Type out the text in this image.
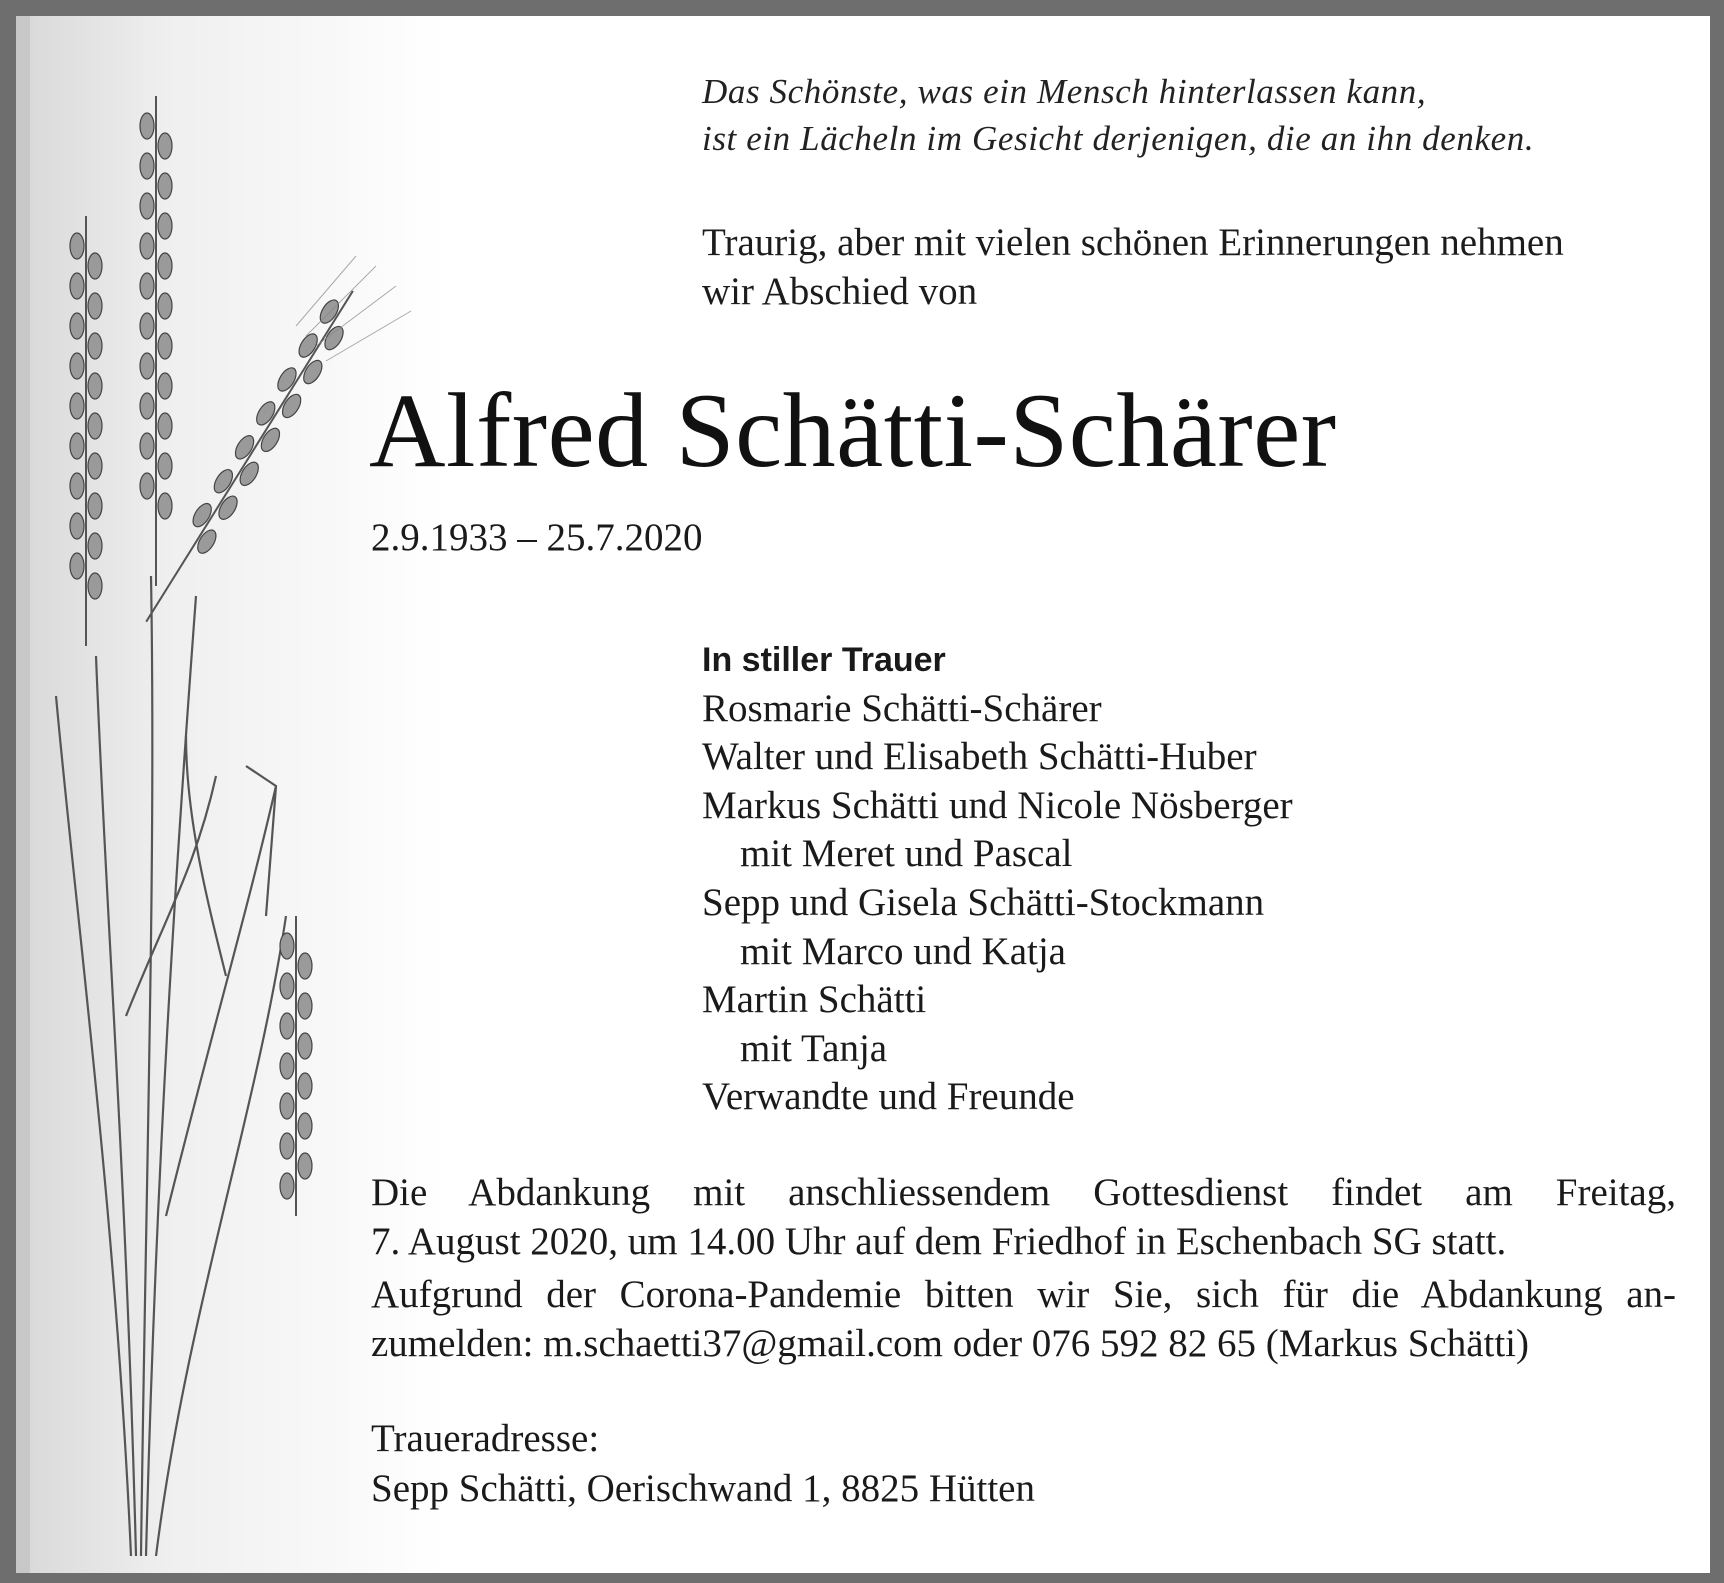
Das Schönste, was ein Mensch hinterlassen kann,
ist ein Lächeln im Gesicht derjenigen, die an ihn denken.
Traurig, aber mit vielen schönen Erinnerungen nehmen
wir Abschied von
Alfred Schätti-Schärer
2.9.1933 – 25.7.2020
In stiller Trauer
Rosmarie Schätti-Schärer
Walter und Elisabeth Schätti-Huber
Markus Schätti und Nicole Nösberger
mit Meret und Pascal
Sepp und Gisela Schätti-Stockmann
mit Marco und Katja
Martin Schätti
mit Tanja
Verwandte und Freunde

Die Abdankung mit anschliessendem Gottesdienst findet am Freitag,
7. August 2020, um 14.00 Uhr auf dem Friedhof in Eschenbach SG statt.

Aufgrund der Corona-Pandemie bitten wir Sie, sich für die Abdankung an-
zumelden: m.schaetti37@gmail.com oder 076 592 82 65 (Markus Schätti)

Traueradresse:
Sepp Schätti, Oerischwand 1, 8825 Hütten
